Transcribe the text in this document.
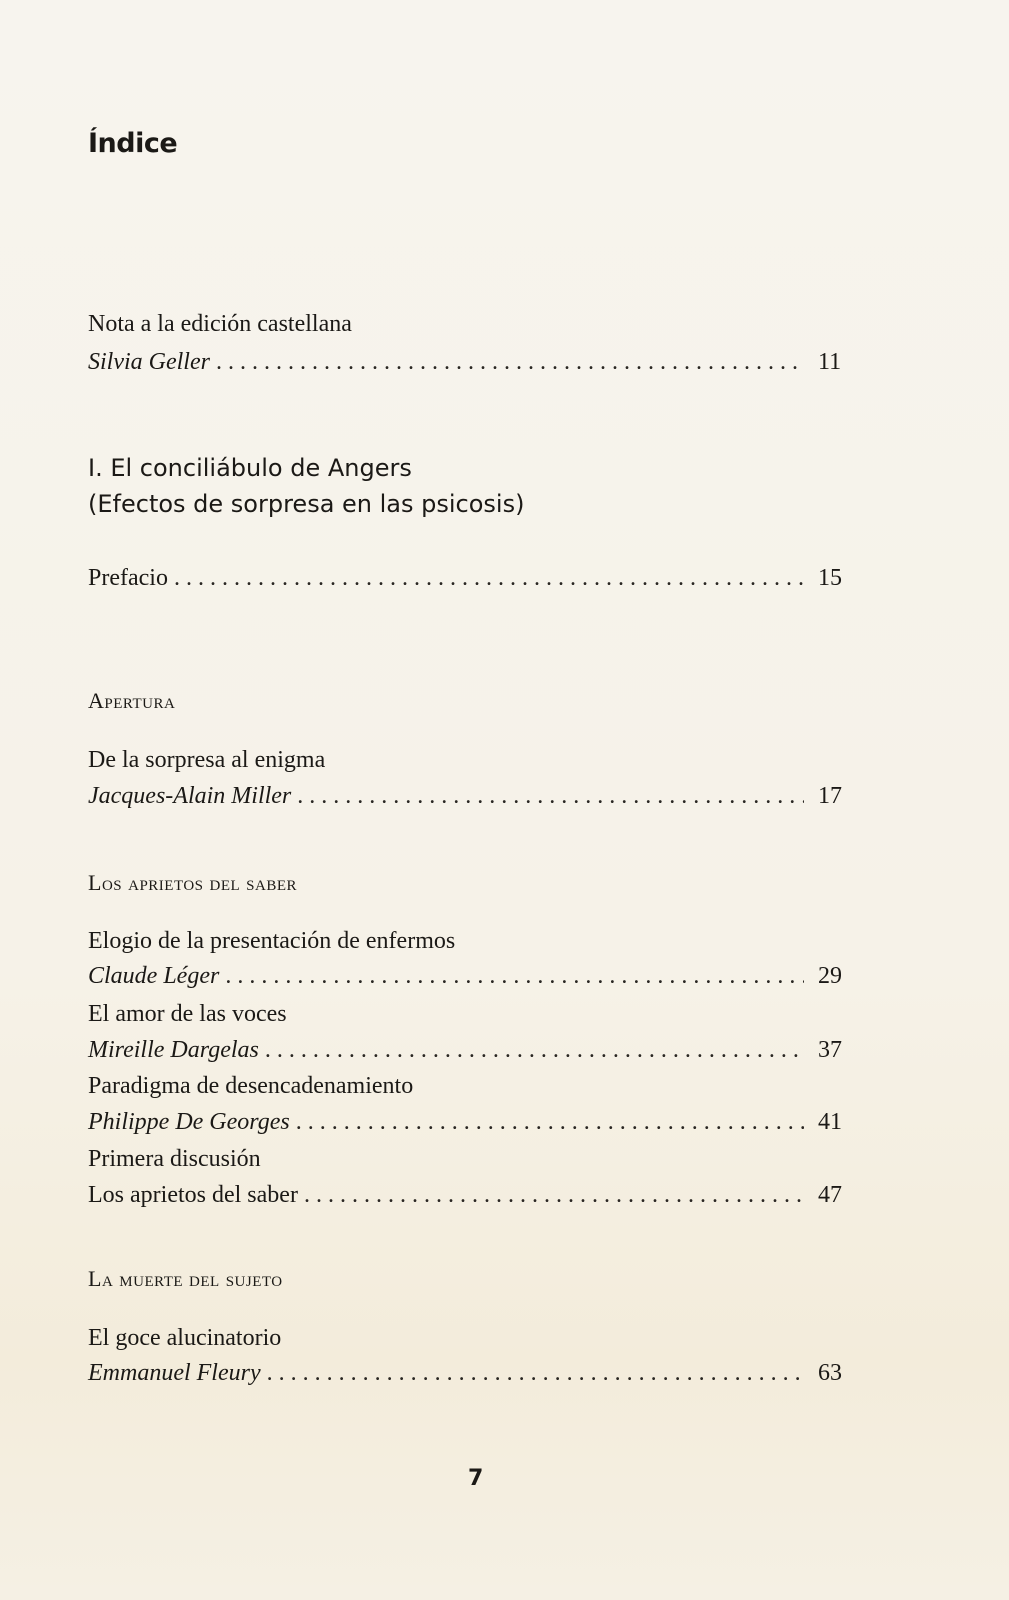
Índice
Nota a la edición castellana
Silvia Geller . . .	11
I. El conciliábulo de Angers
(Efectos de sorpresa en las psicosis)
Prefacio . . .	15
Apertura
De la sorpresa al enigma
Jacques-Alain Miller . . .	17
Los aprietos del saber
Elogio de la presentación de enfermos
Claude Léger . . .	29
El amor de las voces
Mireille Dargelas . . .	37
Paradigma de desencadenamiento
Philippe De Georges . . .	41
Primera discusión
Los aprietos del saber . . .	47
La muerte del sujeto
El goce alucinatorio
Emmanuel Fleury . . .	63
7
